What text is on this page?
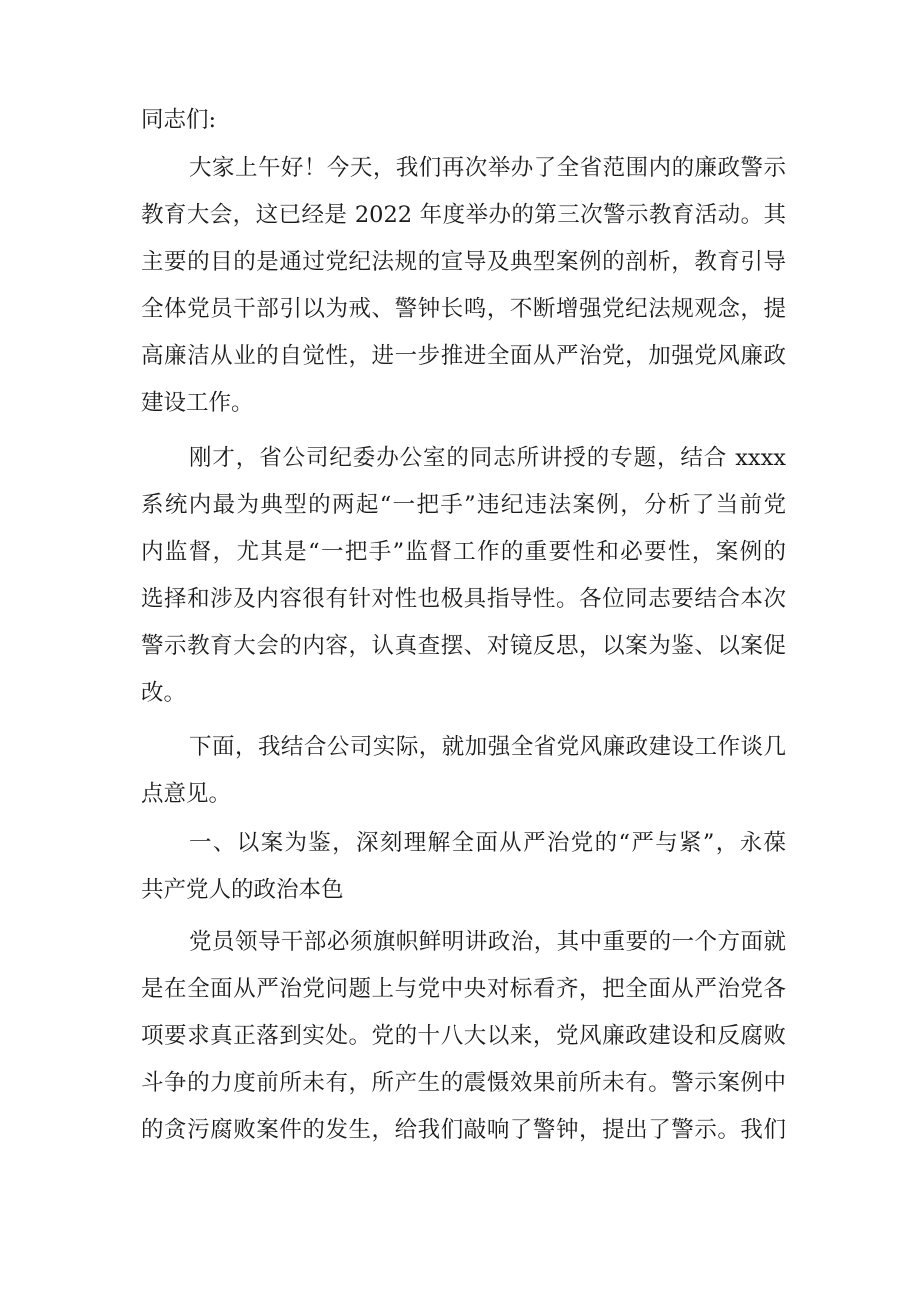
同志们:
大家上午好！今天，我们再次举办了全省范围内的廉政警示
教育大会，这已经是 2022 年度举办的第三次警示教育活动。其
主要的目的是通过党纪法规的宣导及典型案例的剖析，教育引导
全体党员干部引以为戒、警钟长鸣，不断增强党纪法规观念，提
高廉洁从业的自觉性，进一步推进全面从严治党，加强党风廉政
建设工作。
刚才，省公司纪委办公室的同志所讲授的专题，结合 xxxx
系统内最为典型的两起“一把手”违纪违法案例，分析了当前党
内监督，尤其是“一把手”监督工作的重要性和必要性，案例的
选择和涉及内容很有针对性也极具指导性。各位同志要结合本次
警示教育大会的内容，认真查摆、对镜反思，以案为鉴、以案促
改。
下面，我结合公司实际，就加强全省党风廉政建设工作谈几
点意见。
一、以案为鉴，深刻理解全面从严治党的“严与紧”，永葆
共产党人的政治本色
党员领导干部必须旗帜鲜明讲政治，其中重要的一个方面就
是在全面从严治党问题上与党中央对标看齐，把全面从严治党各
项要求真正落到实处。党的十八大以来，党风廉政建设和反腐败
斗争的力度前所未有，所产生的震慑效果前所未有。警示案例中
的贪污腐败案件的发生，给我们敲响了警钟，提出了警示。我们
